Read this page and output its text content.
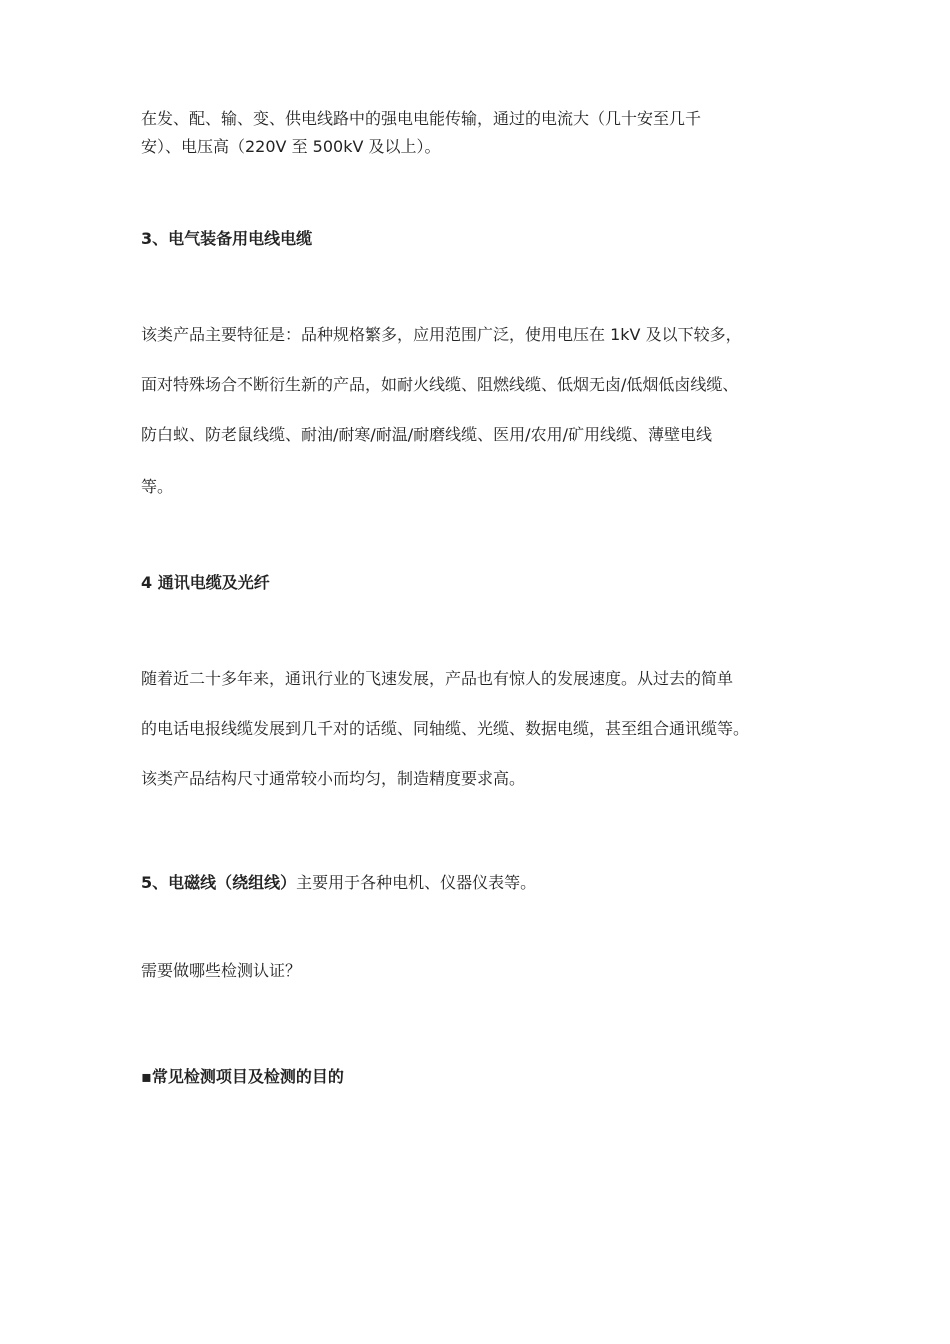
在发、配、输、变、供电线路中的强电电能传输，通过的电流大（几十安至几千
安）、电压高（220V 至 500kV 及以上）。
3、电气装备用电线电缆
该类产品主要特征是：品种规格繁多，应用范围广泛，使用电压在 1kV 及以下较多，
面对特殊场合不断衍生新的产品，如耐火线缆、阻燃线缆、低烟无卤/低烟低卤线缆、
防白蚁、防老鼠线缆、耐油/耐寒/耐温/耐磨线缆、医用/农用/矿用线缆、薄壁电线
等。
4 通讯电缆及光纤
随着近二十多年来，通讯行业的飞速发展，产品也有惊人的发展速度。从过去的简单
的电话电报线缆发展到几千对的话缆、同轴缆、光缆、数据电缆，甚至组合通讯缆等。
该类产品结构尺寸通常较小而均匀，制造精度要求高。
5、电磁线（绕组线）主要用于各种电机、仪器仪表等。
需要做哪些检测认证？
▪常见检测项目及检测的目的
